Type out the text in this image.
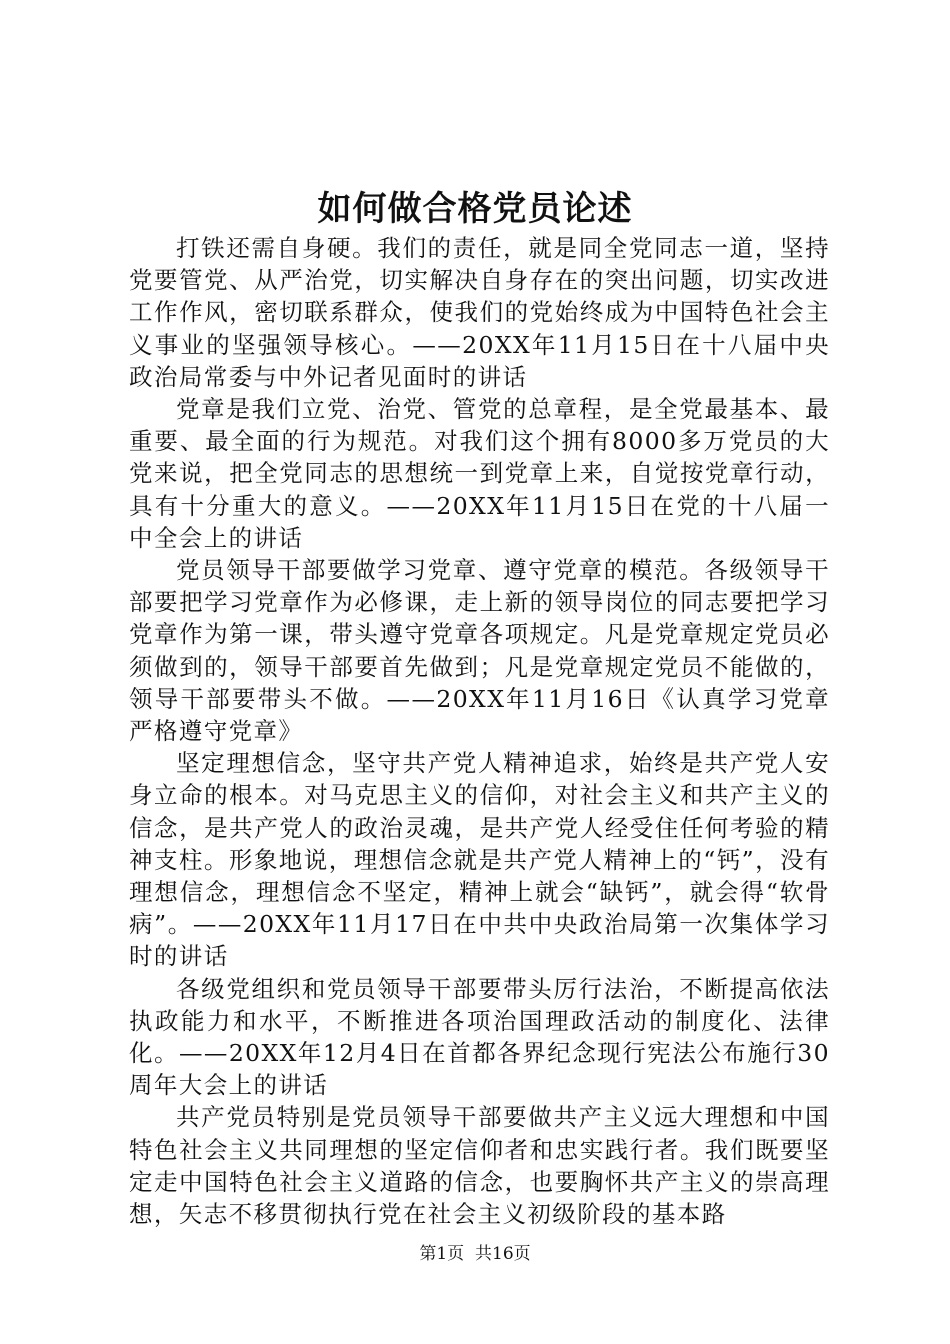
如何做合格党员论述

打铁还需自身硬。我们的责任，就是同全党同志一道，坚持党要管党、从严治党，切实解决自身存在的突出问题，切实改进工作作风，密切联系群众，使我们的党始终成为中国特色社会主义事业的坚强领导核心。——20XX年11月15日在十八届中央政治局常委与中外记者见面时的讲话

党章是我们立党、治党、管党的总章程，是全党最基本、最重要、最全面的行为规范。对我们这个拥有8000多万党员的大党来说，把全党同志的思想统一到党章上来，自觉按党章行动，具有十分重大的意义。——20XX年11月15日在党的十八届一中全会上的讲话

党员领导干部要做学习党章、遵守党章的模范。各级领导干部要把学习党章作为必修课，走上新的领导岗位的同志要把学习党章作为第一课，带头遵守党章各项规定。凡是党章规定党员必须做到的，领导干部要首先做到；凡是党章规定党员不能做的，领导干部要带头不做。——20XX年11月16日《认真学习党章严格遵守党章》

坚定理想信念，坚守共产党人精神追求，始终是共产党人安身立命的根本。对马克思主义的信仰，对社会主义和共产主义的信念，是共产党人的政治灵魂，是共产党人经受住任何考验的精神支柱。形象地说，理想信念就是共产党人精神上的“钙”，没有理想信念，理想信念不坚定，精神上就会“缺钙”，就会得“软骨病”。——20XX年11月17日在中共中央政治局第一次集体学习时的讲话

各级党组织和党员领导干部要带头厉行法治，不断提高依法执政能力和水平，不断推进各项治国理政活动的制度化、法律化。——20XX年12月4日在首都各界纪念现行宪法公布施行30周年大会上的讲话

共产党员特别是党员领导干部要做共产主义远大理想和中国特色社会主义共同理想的坚定信仰者和忠实践行者。我们既要坚定走中国特色社会主义道路的信念，也要胸怀共产主义的崇高理想，矢志不移贯彻执行党在社会主义初级阶段的基本路

第1页 共16页
